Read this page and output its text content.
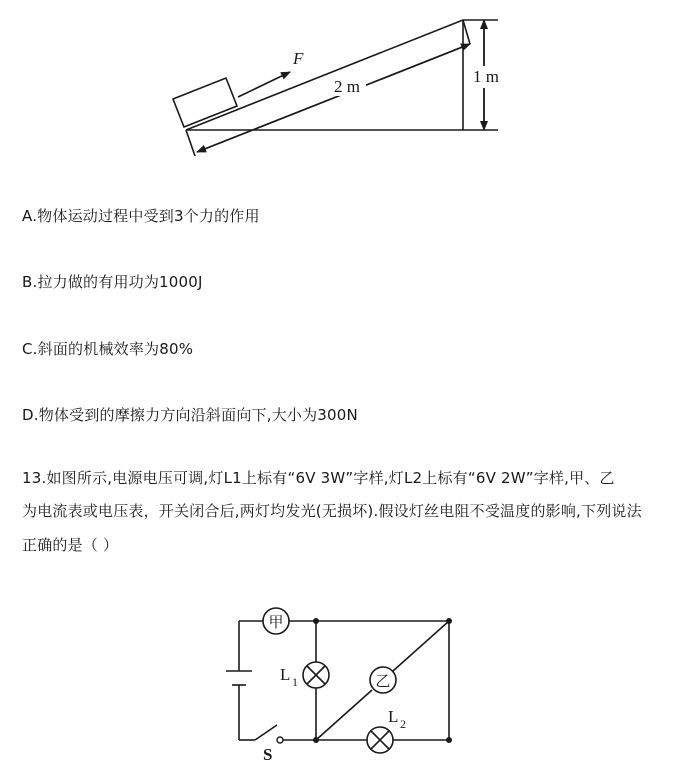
F
2 m
1 m
A.物体运动过程中受到3个力的作用
B.拉力做的有用功为1000J
C.斜面的机械效率为80%
D.物体受到的摩擦力方向沿斜面向下,大小为300N
13.如图所示,电源电压可调,灯L1上标有“6V 3W”字样,灯L2上标有“6V 2W”字样,甲、乙
为电流表或电压表，开关闭合后,两灯均发光(无损坏).假设灯丝电阻不受温度的影响,下列说法
正确的是（ ）
甲
乙
L 1
L 2
S
